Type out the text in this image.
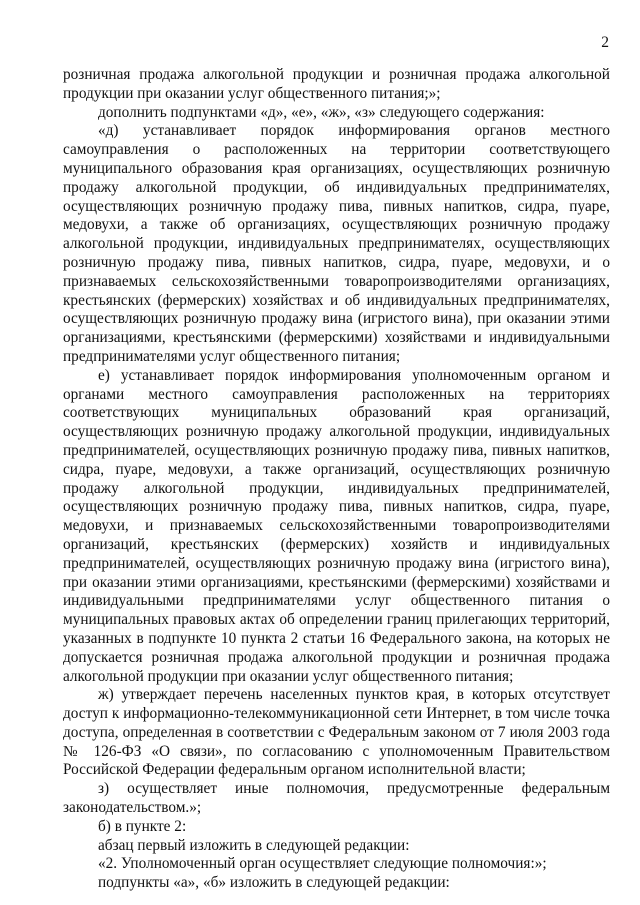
2

розничная продажа алкогольной продукции и розничная продажа алкогольной продукции при оказании услуг общественного питания;»;

дополнить подпунктами «д», «е», «ж», «з» следующего содержания:

«д) устанавливает порядок информирования органов местного самоуправления о расположенных на территории соответствующего муниципального образования края организациях, осуществляющих розничную продажу алкогольной продукции, об индивидуальных предпринимателях, осуществляющих розничную продажу пива, пивных напитков, сидра, пуаре, медовухи, а также об организациях, осуществляющих розничную продажу алкогольной продукции, индивидуальных предпринимателях, осуществляющих розничную продажу пива, пивных напитков, сидра, пуаре, медовухи, и о признаваемых сельскохозяйственными товаропроизводителями организациях, крестьянских (фермерских) хозяйствах и об индивидуальных предпринимателях, осуществляющих розничную продажу вина (игристого вина), при оказании этими организациями, крестьянскими (фермерскими) хозяйствами и индивидуальными предпринимателями услуг общественного питания;

е) устанавливает порядок информирования уполномоченным органом и органами местного самоуправления расположенных на территориях соответствующих муниципальных образований края организаций, осуществляющих розничную продажу алкогольной продукции, индивидуальных предпринимателей, осуществляющих розничную продажу пива, пивных напитков, сидра, пуаре, медовухи, а также организаций, осуществляющих розничную продажу алкогольной продукции, индивидуальных предпринимателей, осуществляющих розничную продажу пива, пивных напитков, сидра, пуаре, медовухи, и признаваемых сельскохозяйственными товаропроизводителями организаций, крестьянских (фермерских) хозяйств и индивидуальных предпринимателей, осуществляющих розничную продажу вина (игристого вина), при оказании этими организациями, крестьянскими (фермерскими) хозяйствами и индивидуальными предпринимателями услуг общественного питания о муниципальных правовых актах об определении границ прилегающих территорий, указанных в подпункте 10 пункта 2 статьи 16 Федерального закона, на которых не допускается розничная продажа алкогольной продукции и розничная продажа алкогольной продукции при оказании услуг общественного питания;

ж) утверждает перечень населенных пунктов края, в которых отсутствует доступ к информационно-телекоммуникационной сети Интернет, в том числе точка доступа, определенная в соответствии с Федеральным законом от 7 июля 2003 года № 126-ФЗ «О связи», по согласованию с уполномоченным Правительством Российской Федерации федеральным органом исполнительной власти;

з) осуществляет иные полномочия, предусмотренные федеральным законодательством.»;

б) в пункте 2:

абзац первый изложить в следующей редакции:

«2. Уполномоченный орган осуществляет следующие полномочия:»;

подпункты «а», «б» изложить в следующей редакции:
